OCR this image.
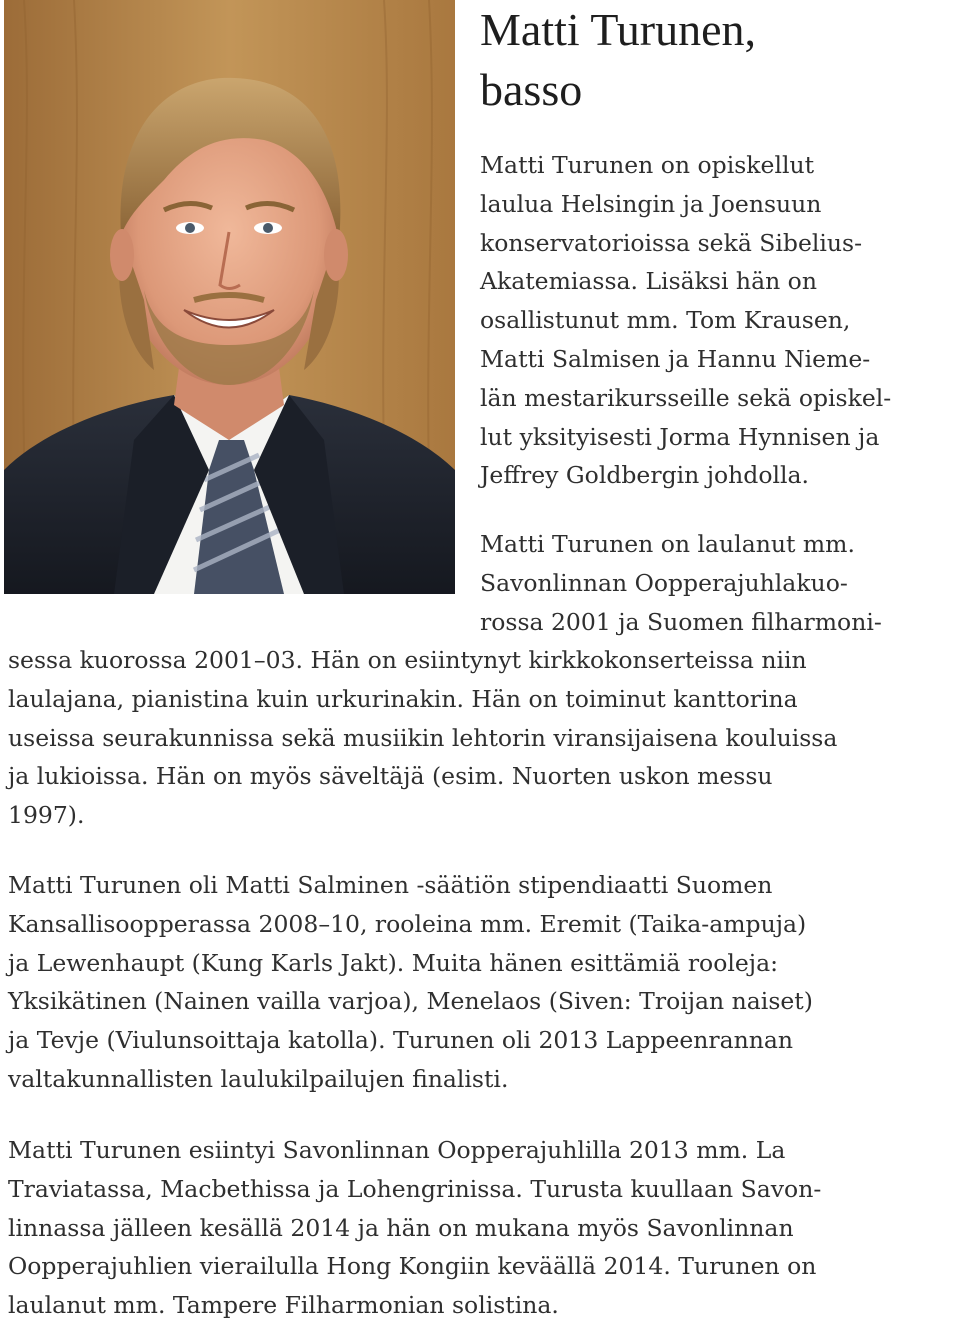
Matti Turunen,
basso
Matti Turunen on opiskellut
laulua Helsingin ja Joensuun
konservatorioissa sekä Sibelius-
Akatemiassa. Lisäksi hän on
osallistunut mm. Tom Krausen,
Matti Salmisen ja Hannu Nieme-
län mestarikursseille sekä opiskel-
lut yksityisesti Jorma Hynnisen ja
Jeffrey Goldbergin johdolla.
Matti Turunen on laulanut mm.
Savonlinnan Oopperajuhlakuo-
rossa 2001 ja Suomen filharmoni-
sessa kuorossa 2001–03. Hän on esiintynyt kirkkokonserteissa niin
laulajana, pianistina kuin urkurinakin. Hän on toiminut kanttorina
useissa seurakunnissa sekä musiikin lehtorin viransijaisena kouluissa
ja lukioissa. Hän on myös säveltäjä (esim. Nuorten uskon messu
1997).
Matti Turunen oli Matti Salminen -säätiön stipendiaatti Suomen
Kansallisoopperassa 2008–10, rooleina mm. Eremit (Taika-ampuja)
ja Lewenhaupt (Kung Karls Jakt). Muita hänen esittämiä rooleja:
Yksikätinen (Nainen vailla varjoa), Menelaos (Siven: Troijan naiset)
ja Tevje (Viulunsoittaja katolla). Turunen oli 2013 Lappeenrannan
valtakunnallisten laulukilpailujen finalisti.
Matti Turunen esiintyi Savonlinnan Oopperajuhlilla 2013 mm. La
Traviatassa, Macbethissa ja Lohengrinissa. Turusta kuullaan Savon-
linnassa jälleen kesällä 2014 ja hän on mukana myös Savonlinnan
Oopperajuhlien vierailulla Hong Kongiin keväällä 2014. Turunen on
laulanut mm. Tampere Filharmonian solistina.
